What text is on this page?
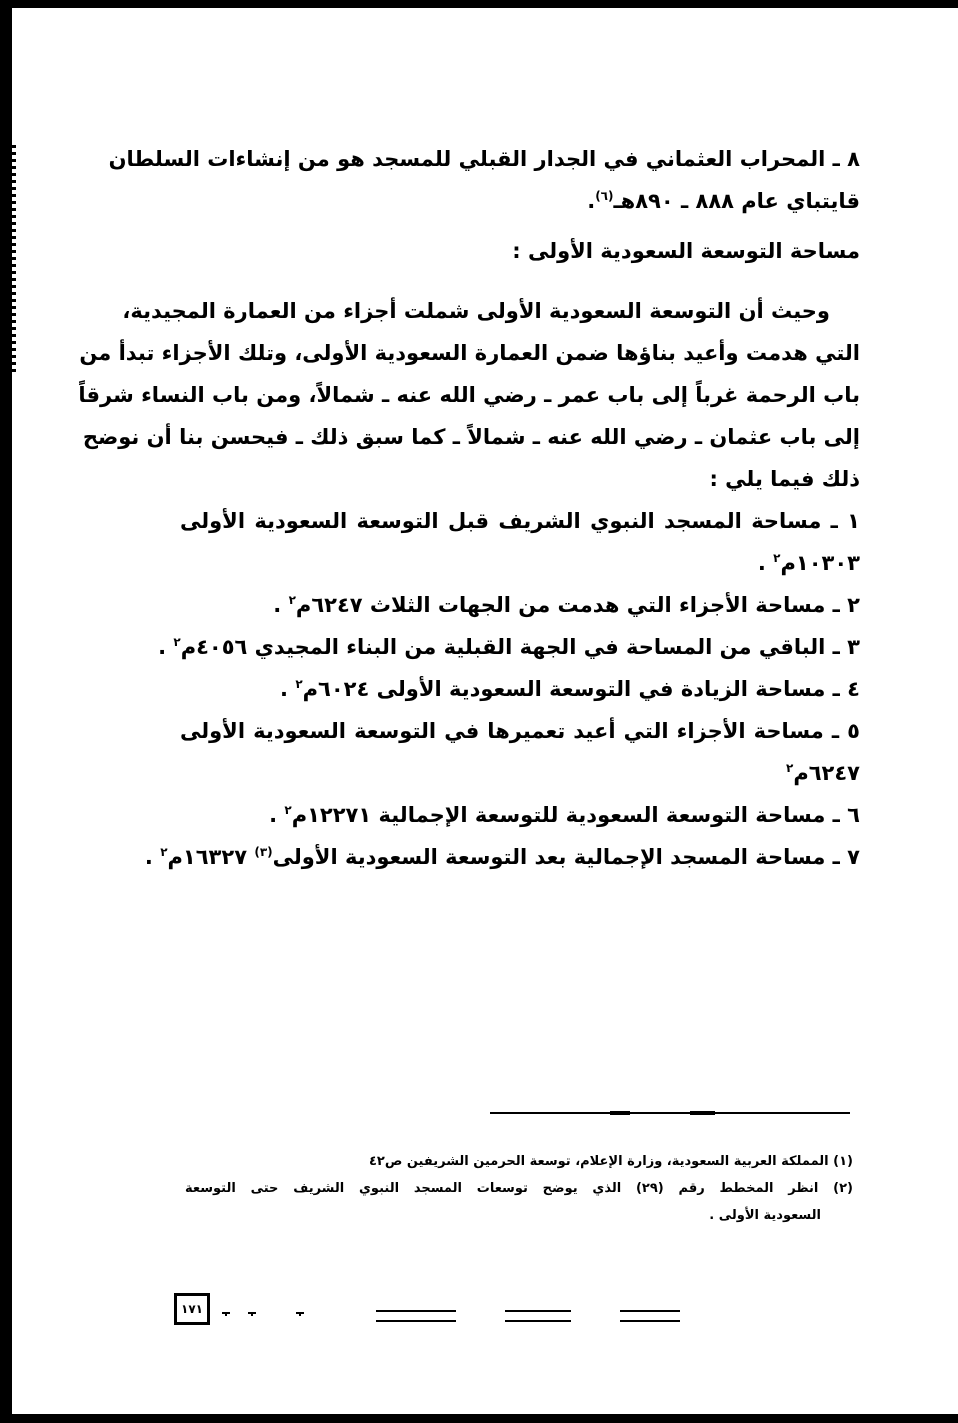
٨ ـ المحراب العثماني في الجدار القبلي للمسجد هو من إنشاءات السلطان
قايتباي عام ٨٨٨ ـ ٨٩٠هـ$^{(٦)}$.
مساحة التوسعة السعودية الأولى :
وحيث أن التوسعة السعودية الأولى شملت أجزاء من العمارة المجيدية،
التي هدمت وأعيد بناؤها ضمن العمارة السعودية الأولى، وتلك الأجزاء تبدأ من
باب الرحمة غرباً إلى باب عمر ـ رضي الله عنه ـ شمالاً، ومن باب النساء شرقاً
إلى باب عثمان ـ رضي الله عنه ـ شمالاً ـ كما سبق ذلك ـ فيحسن بنا أن نوضح
ذلك فيما يلي :
١ ـ مساحة المسجد النبوي الشريف قبل التوسعة السعودية الأولى
١٠٣٠٣م$^٢$ .
٢ ـ مساحة الأجزاء التي هدمت من الجهات الثلاث ٦٢٤٧م$^٢$ .
٣ ـ الباقي من المساحة في الجهة القبلية من البناء المجيدي ٤٠٥٦م$^٢$ .
٤ ـ مساحة الزيادة في التوسعة السعودية الأولى ٦٠٢٤م$^٢$ .
٥ ـ مساحة الأجزاء التي أعيد تعميرها في التوسعة السعودية الأولى
٦٢٤٧م$^٢$
٦ ـ مساحة التوسعة السعودية للتوسعة الإجمالية ١٢٢٧١م$^٢$ .
٧ ـ مساحة المسجد الإجمالية بعد التوسعة السعودية الأولى$^{(٣)}$ ١٦٣٢٧م$^٢$ .
(١) المملكة العربية السعودية، وزارة الإعلام، توسعة الحرمين الشريفين ص٤٢
(٢) انظر المخطط رقم (٢٩) الذي يوضح توسعات المسجد النبوي الشريف حتى التوسعة
السعودية الأولى .
١٧١
